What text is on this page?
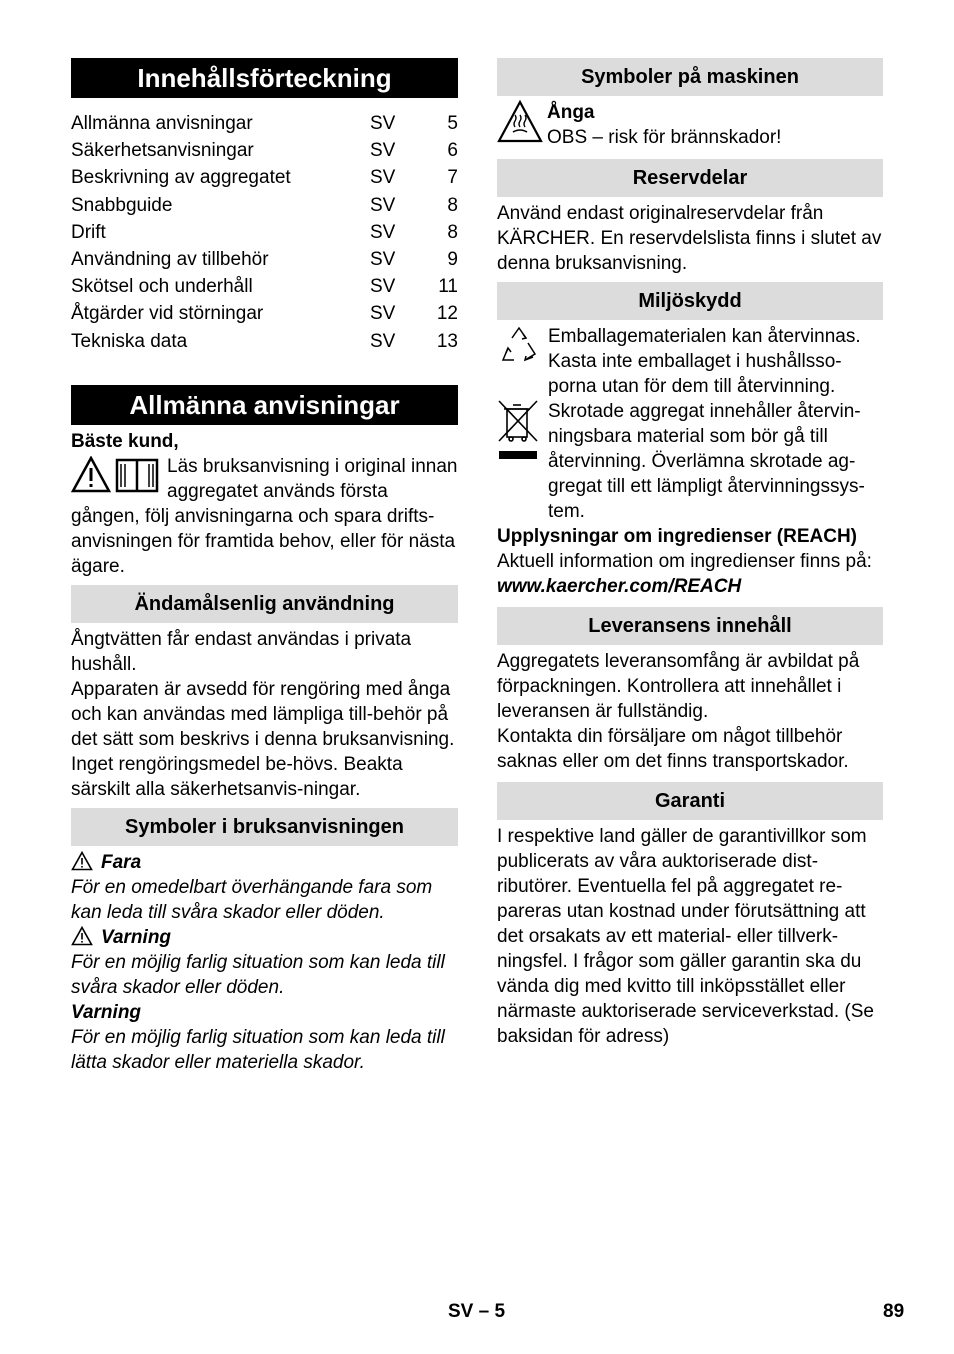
Innehållsförteckning
Allmänna anvisningar	SV	5
Säkerhetsanvisningar	SV	6
Beskrivning av aggregatet	SV	7
Snabbguide	SV	8
Drift	SV	8
Användning av tillbehör	SV	9
Skötsel och underhåll	SV	11
Åtgärder vid störningar	SV	12
Tekniska data	SV	13
Allmänna anvisningar

Bäste kund,

Läs bruksanvisning i original innan aggregatet används första gången, följ anvisningarna och spara drifts-anvisningen för framtida behov, eller för nästa ägare.
Ändamålsenlig användning

Ångtvätten får endast användas i privata hushåll.

Apparaten är avsedd för rengöring med ånga och kan användas med lämpliga till-behör på det sätt som beskrivs i denna bruksanvisning. Inget rengöringsmedel be-hövs. Beakta särskilt alla säkerhetsanvis-ningar.

Symboler i bruksanvisningen

Fara

För en omedelbart överhängande fara som kan leda till svåra skador eller döden.

Varning

För en möjlig farlig situation som kan leda till svåra skador eller döden.

Varning

För en möjlig farlig situation som kan leda till lätta skador eller materiella skador.

Symboler på maskinen

Ånga

OBS – risk för brännskador!

Reservdelar

Använd endast originalreservdelar från KÄRCHER. En reservdelslista finns i slutet av denna bruksanvisning.

Miljöskydd

Emballagematerialen kan återvinnas. Kasta inte emballaget i hushållsso-porna utan för dem till återvinning.

Skrotade aggregat innehåller återvin-ningsbara material som bör gå till återvinning. Överlämna skrotade ag-gregat till ett lämpligt återvinningssys-tem.

Upplysningar om ingredienser (REACH)

Aktuell information om ingredienser finns på:

www.kaercher.com/REACH

Leveransens innehåll

Aggregatets leveransomfång är avbildat på förpackningen. Kontrollera att innehållet i leveransen är fullständig.

Kontakta din försäljare om något tillbehör saknas eller om det finns transportskador.

Garanti

I respektive land gäller de garantivillkor som publicerats av våra auktoriserade dist-ributörer. Eventuella fel på aggregatet re-pareras utan kostnad under förutsättning att det orsakats av ett material- eller tillverk-ningsfel. I frågor som gäller garantin ska du vända dig med kvitto till inköpsstället eller närmaste auktoriserade serviceverkstad. (Se baksidan för adress)

SV – 5	89
